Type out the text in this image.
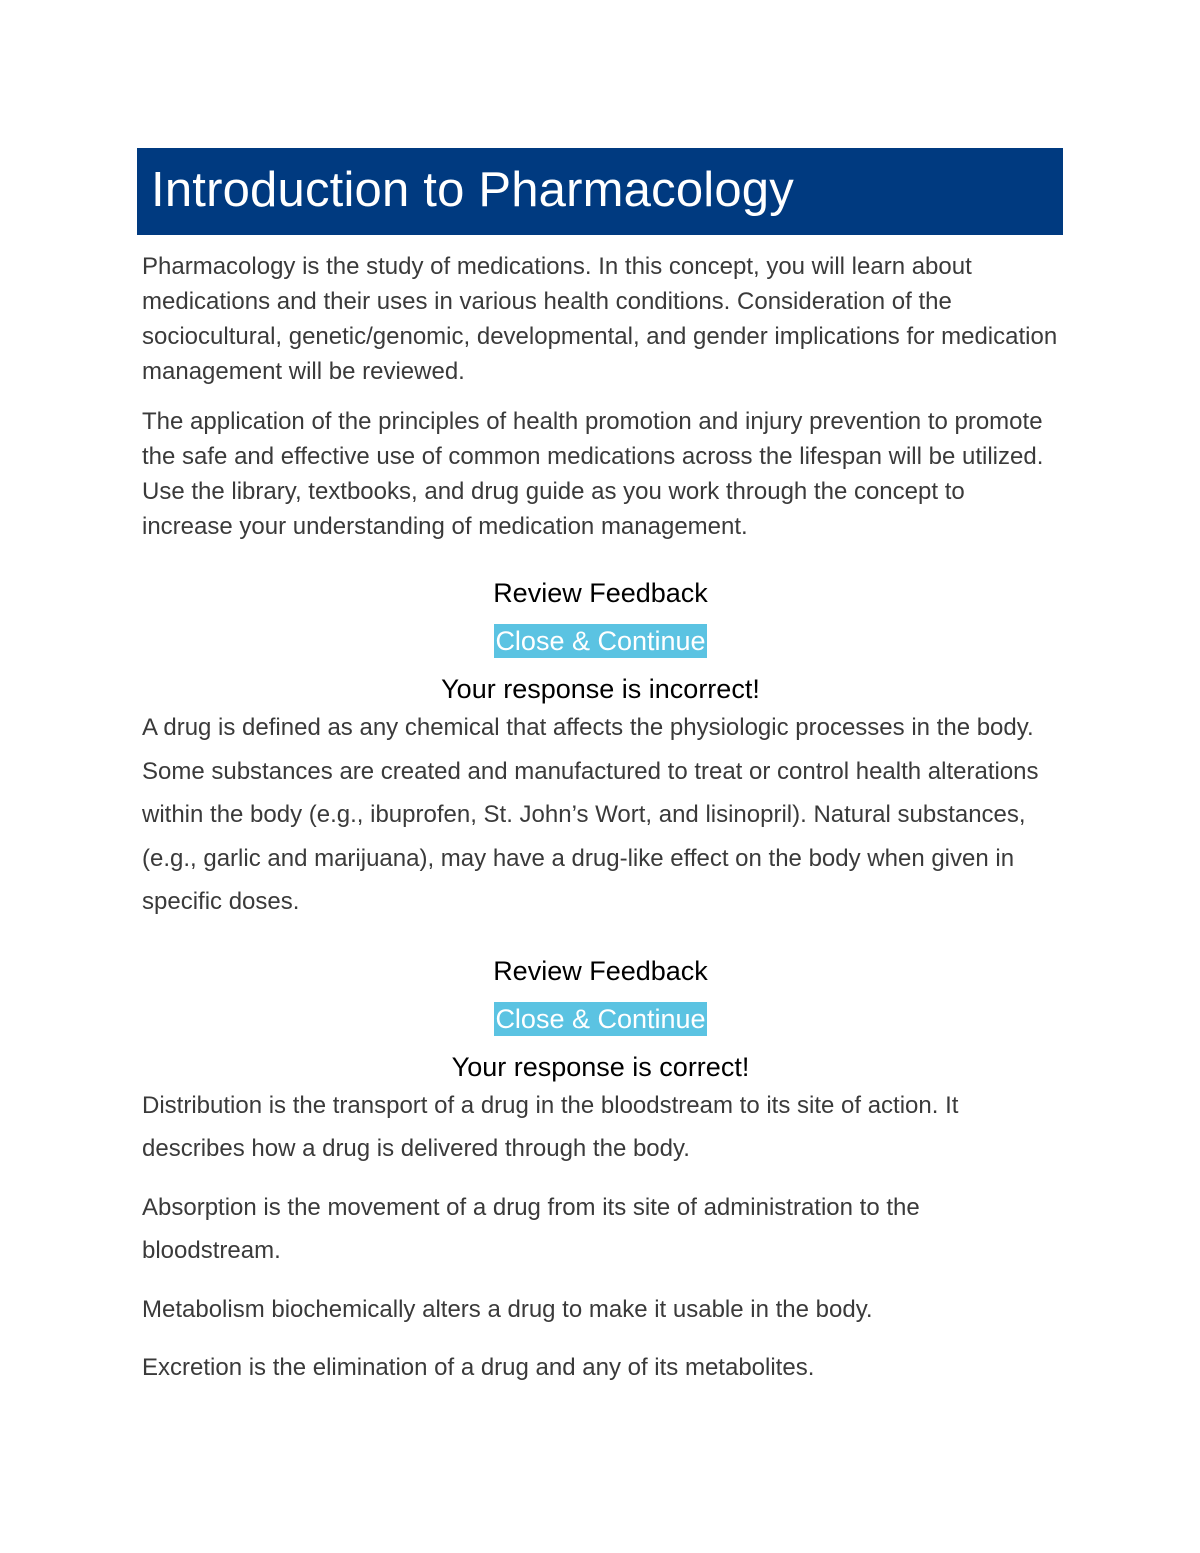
Introduction to Pharmacology

Pharmacology is the study of medications. In this concept, you will learn about medications and their uses in various health conditions. Consideration of the sociocultural, genetic/genomic, developmental, and gender implications for medication management will be reviewed.

The application of the principles of health promotion and injury prevention to promote the safe and effective use of common medications across the lifespan will be utilized. Use the library, textbooks, and drug guide as you work through the concept to increase your understanding of medication management.

Review Feedback
Close & Continue
Your response is incorrect!

A drug is defined as any chemical that affects the physiologic processes in the body. Some substances are created and manufactured to treat or control health alterations within the body (e.g., ibuprofen, St. John’s Wort, and lisinopril). Natural substances, (e.g., garlic and marijuana), may have a drug-like effect on the body when given in specific doses.

Review Feedback
Close & Continue
Your response is correct!

Distribution is the transport of a drug in the bloodstream to its site of action. It describes how a drug is delivered through the body.

Absorption is the movement of a drug from its site of administration to the bloodstream.

Metabolism biochemically alters a drug to make it usable in the body.

Excretion is the elimination of a drug and any of its metabolites.
